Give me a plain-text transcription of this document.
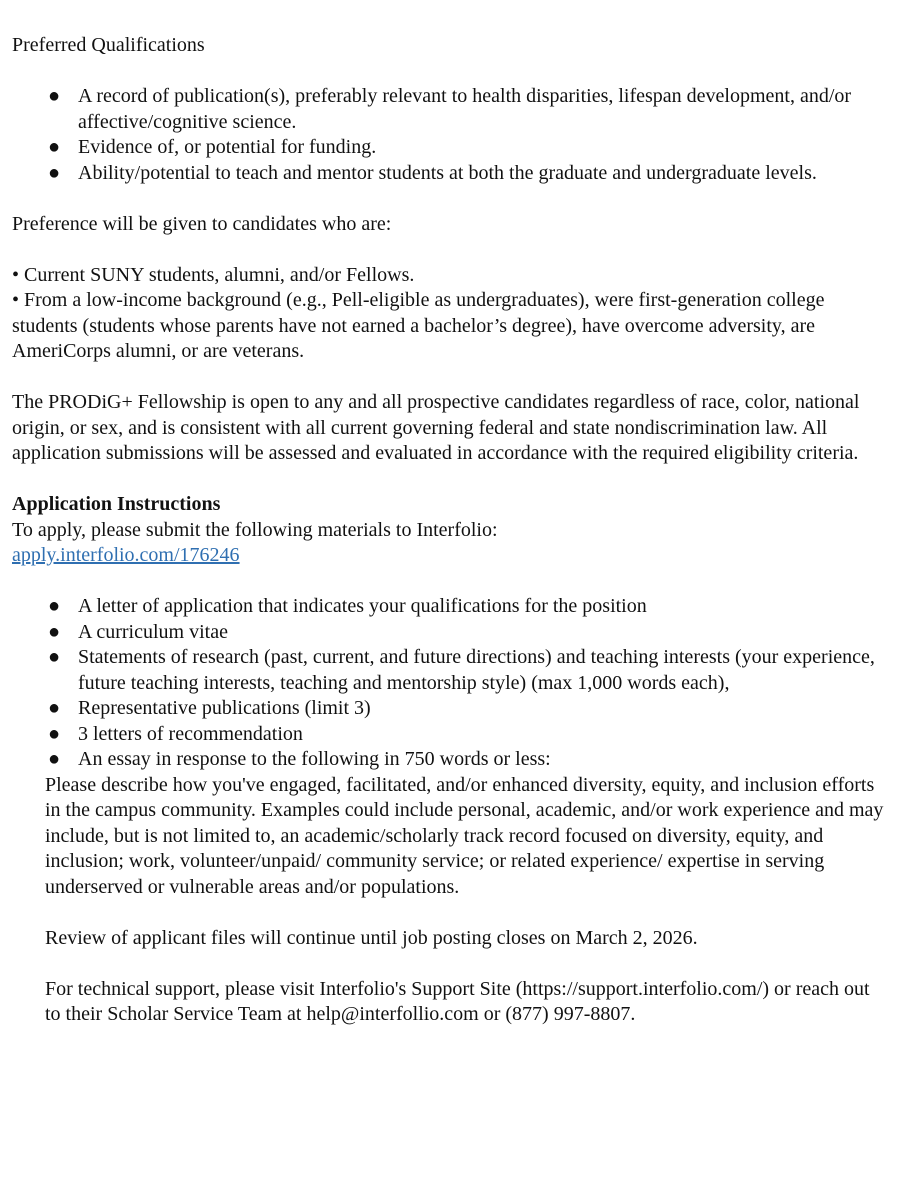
Preferred Qualifications

● A record of publication(s), preferably relevant to health disparities, lifespan development, and/or affective/cognitive science.
● Evidence of, or potential for funding.
● Ability/potential to teach and mentor students at both the graduate and undergraduate levels.

Preference will be given to candidates who are:

• Current SUNY students, alumni, and/or Fellows.

• From a low-income background (e.g., Pell-eligible as undergraduates), were first-generation college students (students whose parents have not earned a bachelor’s degree), have overcome adversity, are AmeriCorps alumni, or are veterans.

The PRODiG+ Fellowship is open to any and all prospective candidates regardless of race, color, national origin, or sex, and is consistent with all current governing federal and state nondiscrimination law. All application submissions will be assessed and evaluated in accordance with the required eligibility criteria.

Application Instructions

To apply, please submit the following materials to Interfolio:

apply.interfolio.com/176246

● A letter of application that indicates your qualifications for the position
● A curriculum vitae
● Statements of research (past, current, and future directions) and teaching interests (your experience, future teaching interests, teaching and mentorship style) (max 1,000 words each),
● Representative publications (limit 3)
● 3 letters of recommendation
● An essay in response to the following in 750 words or less:

Please describe how you've engaged, facilitated, and/or enhanced diversity, equity, and inclusion efforts in the campus community. Examples could include personal, academic, and/or work experience and may include, but is not limited to, an academic/scholarly track record focused on diversity, equity, and inclusion; work, volunteer/unpaid/ community service; or related experience/ expertise in serving underserved or vulnerable areas and/or populations.

Review of applicant files will continue until job posting closes on March 2, 2026.

For technical support, please visit Interfolio's Support Site (https://support.interfolio.com/) or reach out to their Scholar Service Team at help@interfollio.com or (877) 997-8807.
